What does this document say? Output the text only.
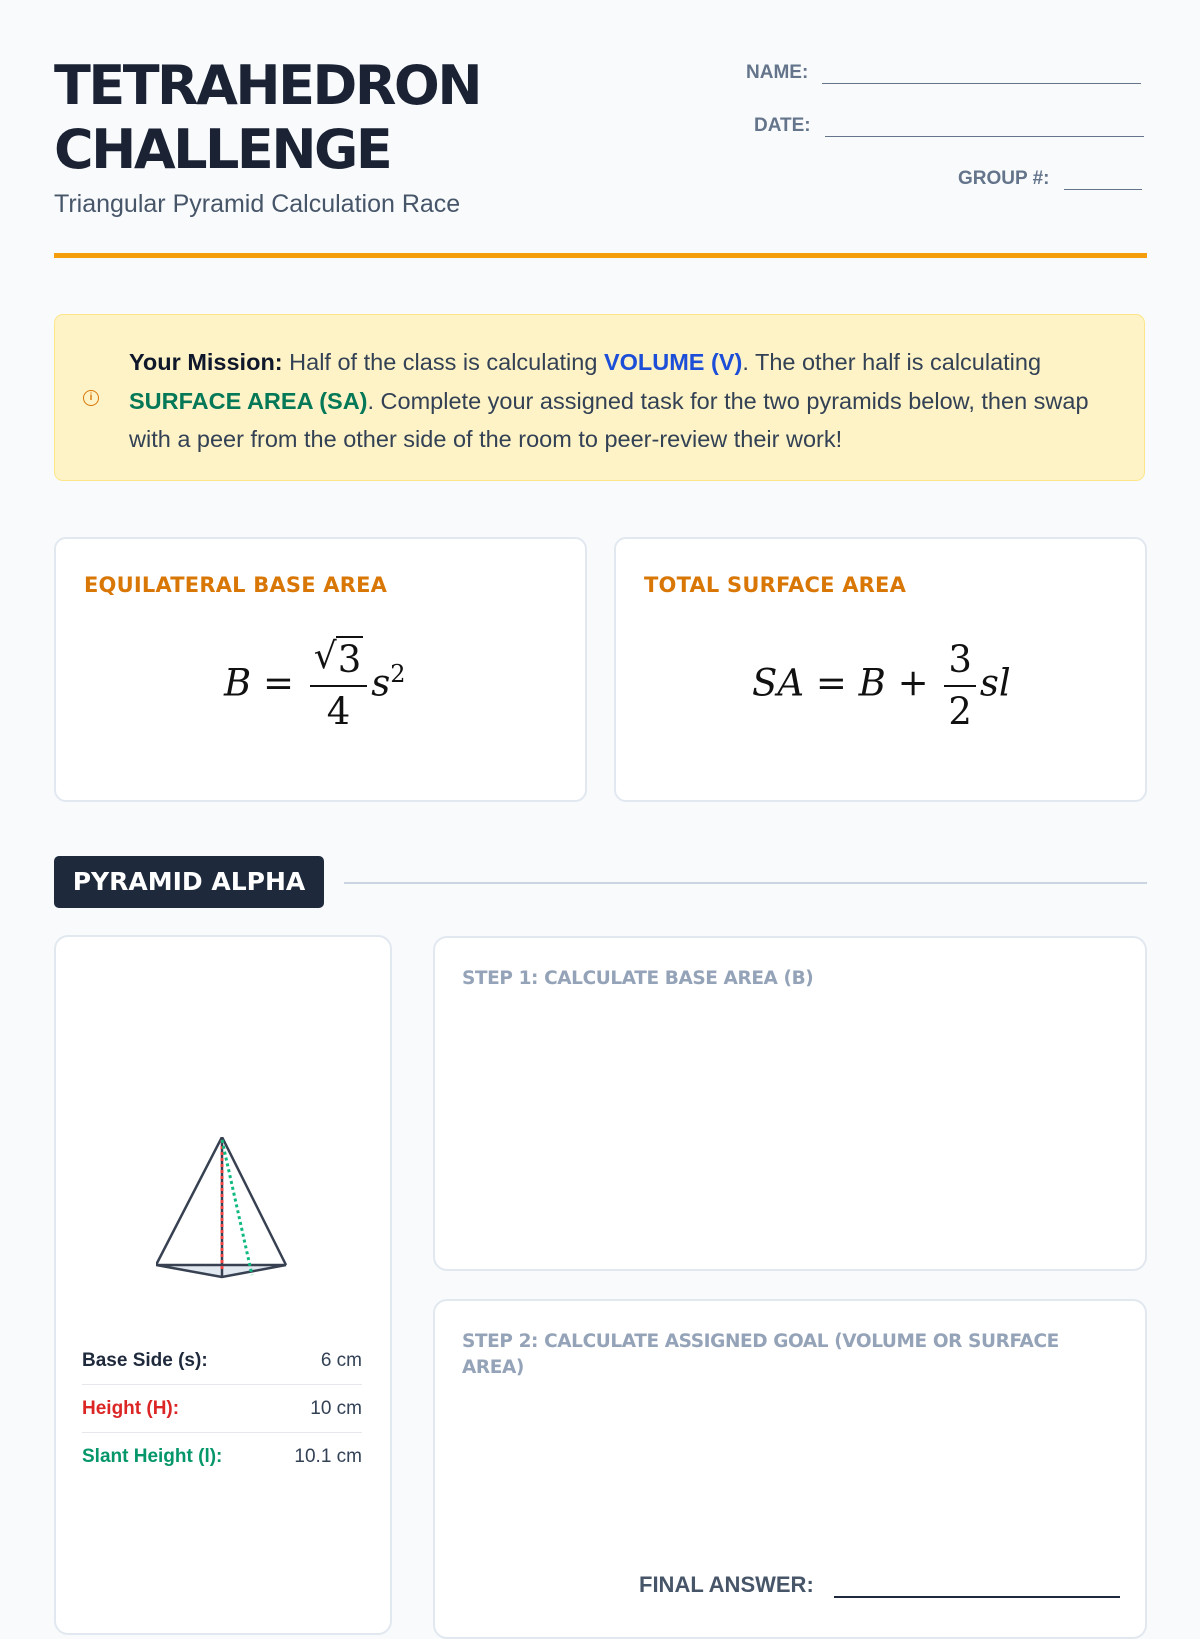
TETRAHEDRON
CHALLENGE
Triangular Pyramid Calculation Race
NAME:
DATE:
GROUP #:
i
Your Mission: Half of the class is calculating VOLUME (V). The other half is calculating SURFACE AREA (SA). Complete your assigned task for the two pyramids below, then swap with a peer from the other side of the room to peer-review their work!
EQUILATERAL BASE AREA
$B = \frac{√ 3}{4} s^2$
TOTAL SURFACE AREA
SA = $B + \frac{3}{2}$ sl
PYRAMID ALPHA
Base Side (s):	6 cm
Height (H):	10 cm
Slant Height (l):	10.1 cm
STEP 1: CALCULATE BASE AREA (B)
STEP 2: CALCULATE ASSIGNED GOAL (VOLUME OR SURFACE AREA)
FINAL ANSWER:
